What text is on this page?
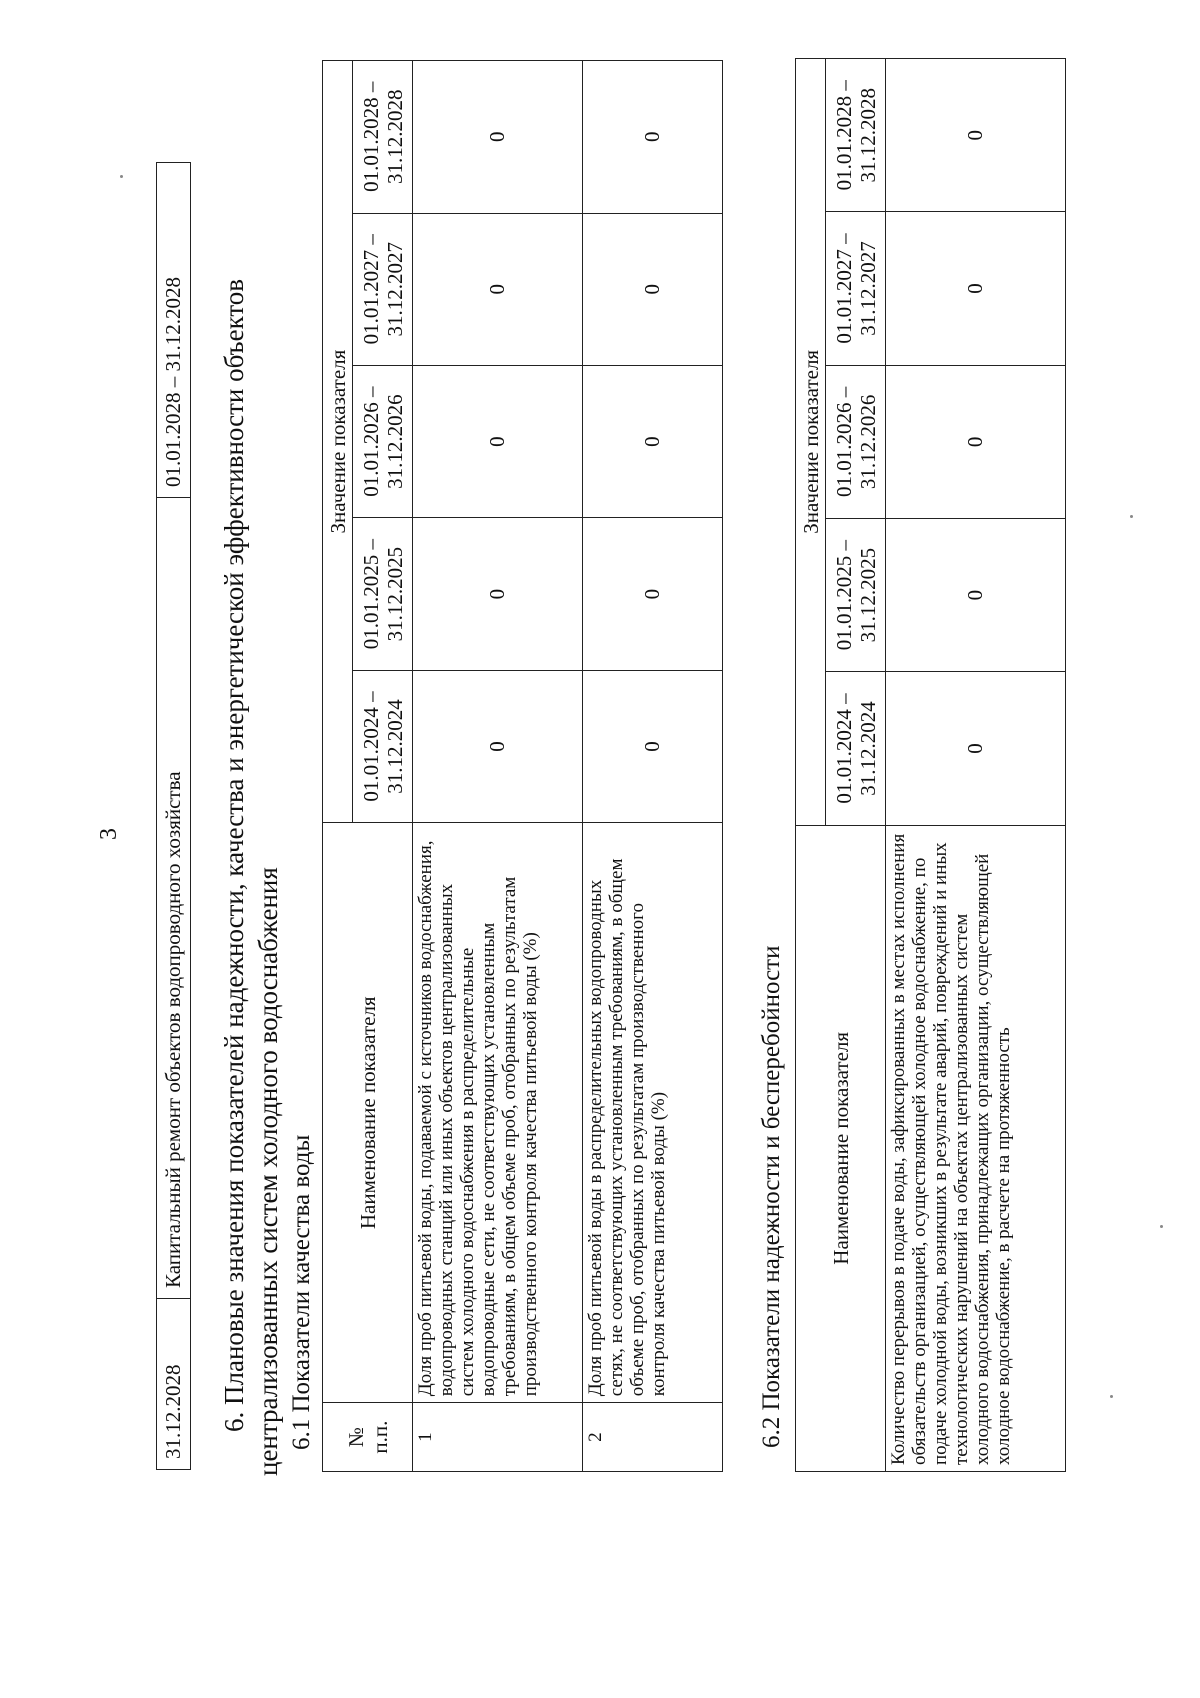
3
31.12.2028	Капитальный ремонт объектов водопроводного хозяйства	01.01.2028 – 31.12.2028
6. Плановые значения показателей надежности, качества и энергетической эффективности объектов централизованных систем холодного водоснабжения 6.1 Показатели качества воды № п.п.	Наименование показателя	Значение показателя				
		01.01.2024 – 31.12.2024	01.01.2025 – 31.12.2025	01.01.2026 – 31.12.2026	01.01.2027 – 31.12.2027	01.01.2028 – 31.12.2028
1	Доля проб питьевой воды, подаваемой с источников водоснабжения, водопроводных станций или иных объектов централизованных систем холодного водоснабжения в распределительные водопроводные сети, не соответствующих установленным требованиям, в общем объеме проб, отобранных по результатам производственного контроля качества питьевой воды (%)	0	0	0	0	0
2	Доля проб питьевой воды в распределительных водопроводных сетях, не соответствующих установленным требованиям, в общем объеме проб, отобранных по результатам производственного контроля качества питьевой воды (%)	0	0	0	0	0
6.2 Показатели надежности и бесперебойности Наименование показателя	Значение показателя				
	01.01.2024 – 31.12.2024	01.01.2025 – 31.12.2025	01.01.2026 – 31.12.2026	01.01.2027 – 31.12.2027	01.01.2028 – 31.12.2028
Количество перерывов в подаче воды, зафиксированных в местах исполнения обязательств организацией, осуществляющей холодное водоснабжение, по подаче холодной воды, возникших в результате аварий, повреждений и иных технологических нарушений на объектах централизованных систем холодного водоснабжения, принадлежащих организации, осуществляющей холодное водоснабжение, в расчете на протяженность	0	0	0	0	0
